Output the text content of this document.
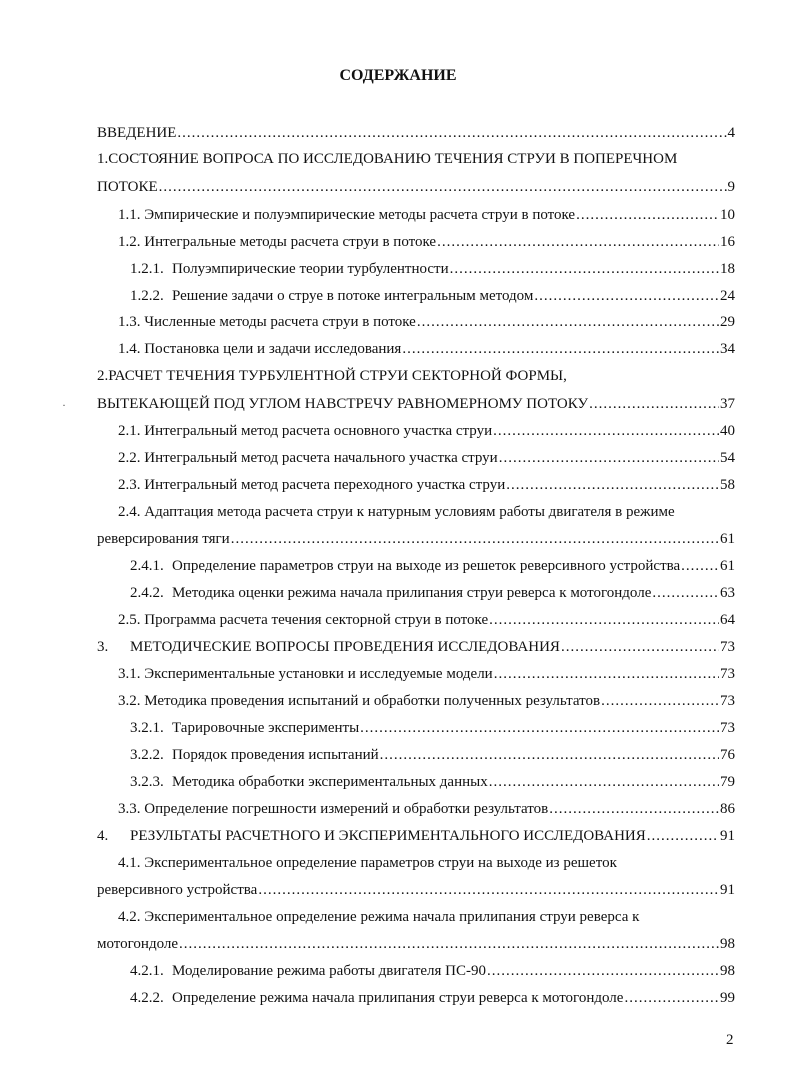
СОДЕРЖАНИЕ
·
ВВЕДЕНИЕ .....	4
1.СОСТОЯНИЕ ВОПРОСА ПО ИССЛЕДОВАНИЮ ТЕЧЕНИЯ СТРУИ В ПОПЕРЕЧНОМ
ПОТОКЕ .....	9
1.1. Эмпирические и полуэмпирические методы расчета струи в потоке .....	10
1.2. Интегральные методы расчета струи в потоке .....	16
1.2.1. Полуэмпирические теории турбулентности .....	18
1.2.2. Решение задачи о струе в потоке интегральным методом .....	24
1.3. Численные методы расчета струи в потоке .....	29
1.4. Постановка цели и задачи исследования .....	34
2.РАСЧЕТ ТЕЧЕНИЯ ТУРБУЛЕНТНОЙ СТРУИ СЕКТОРНОЙ ФОРМЫ,
ВЫТЕКАЮЩЕЙ ПОД УГЛОМ НАВСТРЕЧУ РАВНОМЕРНОМУ ПОТОКУ .....	37
2.1. Интегральный метод расчета основного участка струи .....	40
2.2. Интегральный метод расчета начального участка струи .....	54
2.3. Интегральный метод расчета переходного участка струи .....	58
2.4. Адаптация метода расчета струи к натурным условиям работы двигателя в режиме
реверсирования тяги .....	61
2.4.1. Определение параметров струи на выходе из решеток реверсивного устройства .....	61
2.4.2. Методика оценки режима начала прилипания струи реверса к мотогондоле .....	63
2.5. Программа расчета течения секторной струи в потоке .....	64
3. МЕТОДИЧЕСКИЕ ВОПРОСЫ ПРОВЕДЕНИЯ ИССЛЕДОВАНИЯ .....	73
3.1. Экспериментальные установки и исследуемые модели .....	73
3.2. Методика проведения испытаний и обработки полученных результатов .....	73
3.2.1. Тарировочные эксперименты .....	73
3.2.2. Порядок проведения испытаний .....	76
3.2.3. Методика обработки экспериментальных данных .....	79
3.3. Определение погрешности измерений и обработки результатов .....	86
4. РЕЗУЛЬТАТЫ РАСЧЕТНОГО И ЭКСПЕРИМЕНТАЛЬНОГО ИССЛЕДОВАНИЯ .....	91
4.1. Экспериментальное определение параметров струи на выходе из решеток
реверсивного устройства .....	91
4.2. Экспериментальное определение режима начала прилипания струи реверса к
мотогондоле .....	98
4.2.1. Моделирование режима работы двигателя ПС-90 .....	98
4.2.2. Определение режима начала прилипания струи реверса к мотогондоле .....	99
2
